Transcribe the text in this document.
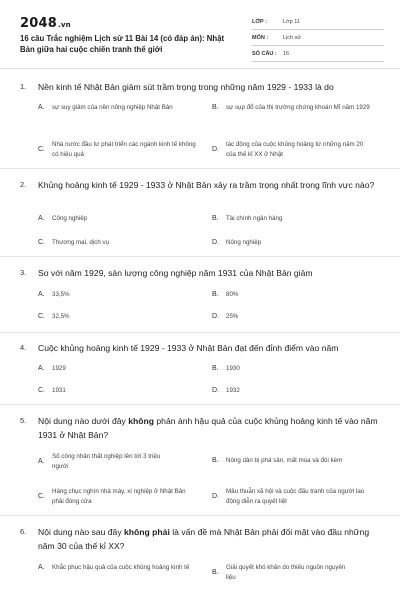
2048.vn
16 câu Trắc nghiệm Lịch sử 11 Bài 14 (có đáp án): Nhật Bản giữa hai cuộc chiến tranh thế giới
LỚP :	Lớp 11
MÔN :	Lịch sử
SỐ CÂU :	16
1. Nền kinh tế Nhật Bản giảm sút trầm trọng trong những năm 1929 - 1933 là do
A.	sự suy giảm của nền nông nghiệp Nhật Bản	B.	sự sụp đổ của thị trường chứng khoán Mĩ năm 1929
C.
Nhà nước đầu tư phát triển các ngành kinh tế không có hiệu quả
D.
tác động của cuộc khủng hoảng từ những năm 20 của thế kỉ XX ở Nhật
2. Khủng hoảng kinh tế 1929 - 1933 ở Nhật Bản xảy ra trầm trọng nhất trong lĩnh vực nào?
A.	Công nghiệp	B.	Tài chính ngân hàng
C.	Thương mại, dịch vụ	D.	Nông nghiệp
3. So với năm 1929, sản lượng công nghiệp năm 1931 của Nhật Bản giảm
A.	33,5%	B.	80%
C.	32,5%	D.	25%
4. Cuộc khủng hoảng kinh tế 1929 - 1933 ở Nhật Bản đạt đến đỉnh điểm vào năm
A.	1929	B.	1930
C.	1931	D.	1932
5. Nội dung nào dưới đây không phản ánh hậu quả của cuộc khủng hoảng kinh tế vào năm 1931 ở Nhật Bản?
A.
Số công nhân thất nghiệp lên tới 3 triệu người
B.	Nông dân bị phá sản, mất mùa và đói kém
C.
Hàng chục nghìn nhà máy, xí nghiệp ở Nhật Bản phải đóng cửa
D.
Mâu thuẫn xã hội và cuộc đấu tranh của người lao động diễn ra quyết liệt
6. Nội dung nào sau đây không phải là vấn đề mà Nhật Bản phải đối mặt vào đầu những năm 30 của thế kỉ XX?
A.	Khắc phục hậu quả của cuộc khủng hoảng kinh tế
B.
Giải quyết khó khăn do thiếu nguồn nguyên liệu
